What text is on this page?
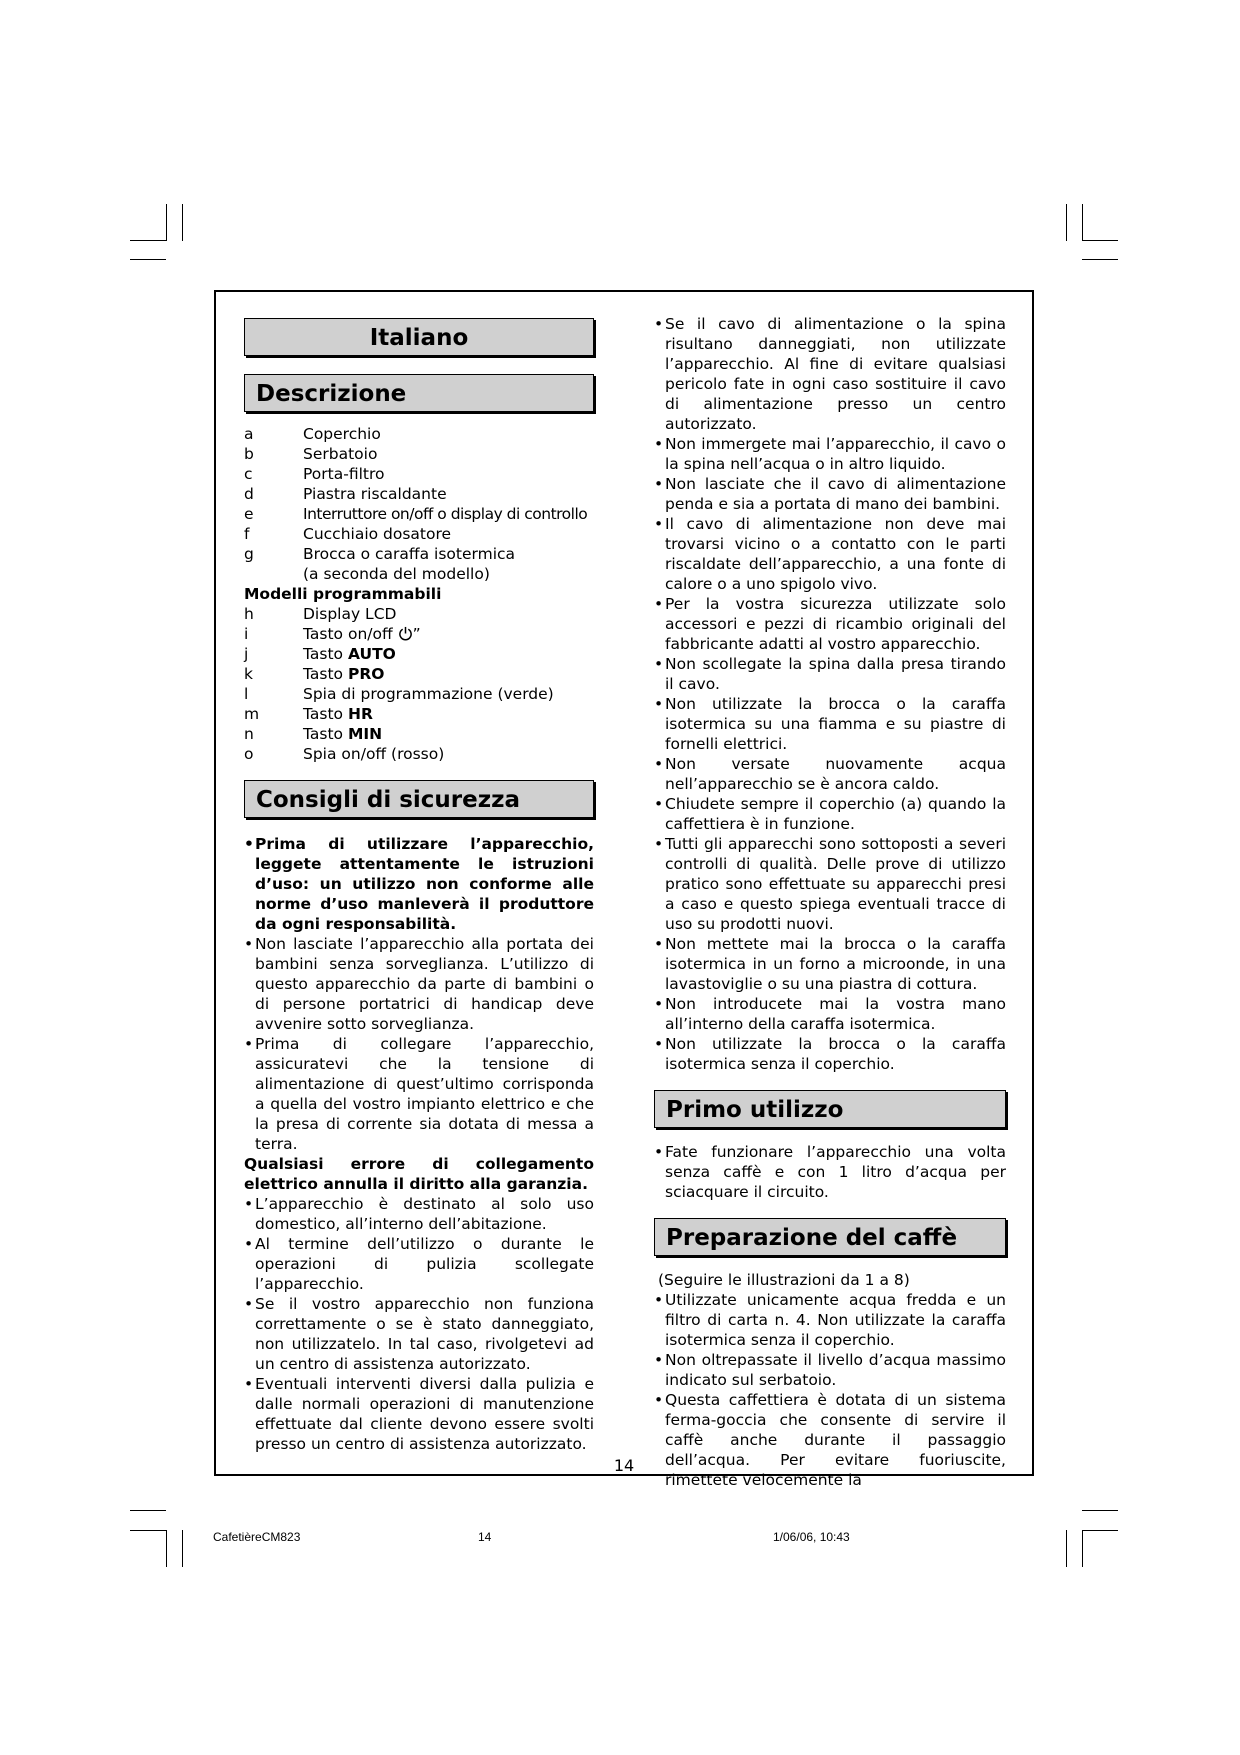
Italiano
Descrizione
a	Coperchio
b	Serbatoio
c	Porta-filtro
d	Piastra riscaldante
e	Interruttore on/off o display di controllo
f	Cucchiaio dosatore
g	Brocca o caraffa isotermica
(a seconda del modello)
Modelli programmabili
h	Display LCD
i	Tasto on/off ”
j	Tasto AUTO
k	Tasto PRO
l	Spia di programmazione (verde)
m	Tasto HR
n	Tasto MIN
o	Spia on/off (rosso)
Consigli di sicurezza
• Prima di utilizzare l’apparecchio, leggete attentamente le istruzioni d’uso: un utilizzo non conforme alle norme d’uso manleverà il produttore da ogni responsabilità.
• Non lasciate l’apparecchio alla portata dei bambini senza sorveglianza. L’utilizzo di questo apparecchio da parte di bambini o di persone portatrici di handicap deve avvenire sotto sorveglianza.
• Prima di collegare l’apparecchio, assicuratevi che la tensione di alimentazione di quest’ultimo corrisponda a quella del vostro impianto elettrico e che la presa di corrente sia dotata di messa a terra.
Qualsiasi errore di collegamento elettrico annulla il diritto alla garanzia.
• L’apparecchio è destinato al solo uso domestico, all’interno dell’abitazione.
• Al termine dell’utilizzo o durante le operazioni di pulizia scollegate l’apparecchio.
• Se il vostro apparecchio non funziona correttamente o se è stato danneggiato, non utilizzatelo. In tal caso, rivolgetevi ad un centro di assistenza autorizzato.
• Eventuali interventi diversi dalla pulizia e dalle normali operazioni di manutenzione effettuate dal cliente devono essere svolti presso un centro di assistenza autorizzato.
• Se il cavo di alimentazione o la spina risultano danneggiati, non utilizzate l’apparecchio. Al fine di evitare qualsiasi pericolo fate in ogni caso sostituire il cavo di alimentazione presso un centro autorizzato.
• Non immergete mai l’apparecchio, il cavo o la spina nell’acqua o in altro liquido.
• Non lasciate che il cavo di alimentazione penda e sia a portata di mano dei bambini.
• Il cavo di alimentazione non deve mai trovarsi vicino o a contatto con le parti riscaldate dell’apparecchio, a una fonte di calore o a uno spigolo vivo.
• Per la vostra sicurezza utilizzate solo accessori e pezzi di ricambio originali del fabbricante adatti al vostro apparecchio.
• Non scollegate la spina dalla presa tirando il cavo.
• Non utilizzate la brocca o la caraffa isotermica su una fiamma e su piastre di fornelli elettrici.
• Non versate nuovamente acqua nell’apparecchio se è ancora caldo.
• Chiudete sempre il coperchio (a) quando la caffettiera è in funzione.
• Tutti gli apparecchi sono sottoposti a severi controlli di qualità. Delle prove di utilizzo pratico sono effettuate su apparecchi presi a caso e questo spiega eventuali tracce di uso su prodotti nuovi.
• Non mettete mai la brocca o la caraffa isotermica in un forno a microonde, in una lavastoviglie o su una piastra di cottura.
• Non introducete mai la vostra mano all’interno della caraffa isotermica.
• Non utilizzate la brocca o la caraffa isotermica senza il coperchio.
Primo utilizzo
• Fate funzionare l’apparecchio una volta senza caffè e con 1 litro d’acqua per sciacquare il circuito.
Preparazione del caffè
(Seguire le illustrazioni da 1 a 8)
• Utilizzate unicamente acqua fredda e un filtro di carta n. 4. Non utilizzate la caraffa isotermica senza il coperchio.
• Non oltrepassate il livello d’acqua massimo indicato sul serbatoio.
• Questa caffettiera è dotata di un sistema ferma-goccia che consente di servire il caffè anche durante il passaggio dell’acqua. Per evitare fuoriuscite, rimettete velocemente la
14
CafetièreCM823	14	1/06/06, 10:43
